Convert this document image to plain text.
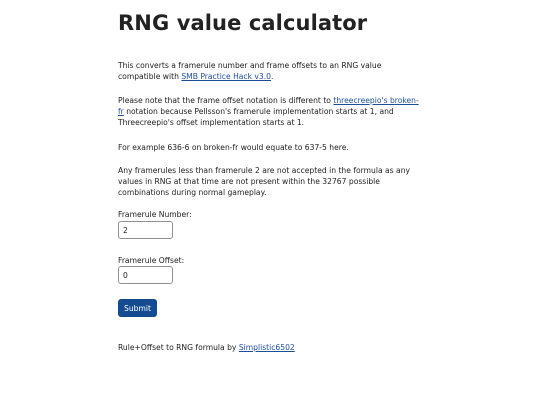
RNG value calculator

This converts a framerule number and frame offsets to an RNG value compatible with SMB Practice Hack v3.0.

Please note that the frame offset notation is different to threecreepio's broken-fr notation because Pellsson's framerule implementation starts at 1, and Threecreepio's offset implementation starts at 1.

For example 636-6 on broken-fr would equate to 637-5 here.

Any framerules less than framerule 2 are not accepted in the formula as any values in RNG at that time are not present within the 32767 possible combinations during normal gameplay.

Framerule Number:
2
Framerule Offset:
0
Submit

Rule+Offset to RNG formula by Simplistic6502
